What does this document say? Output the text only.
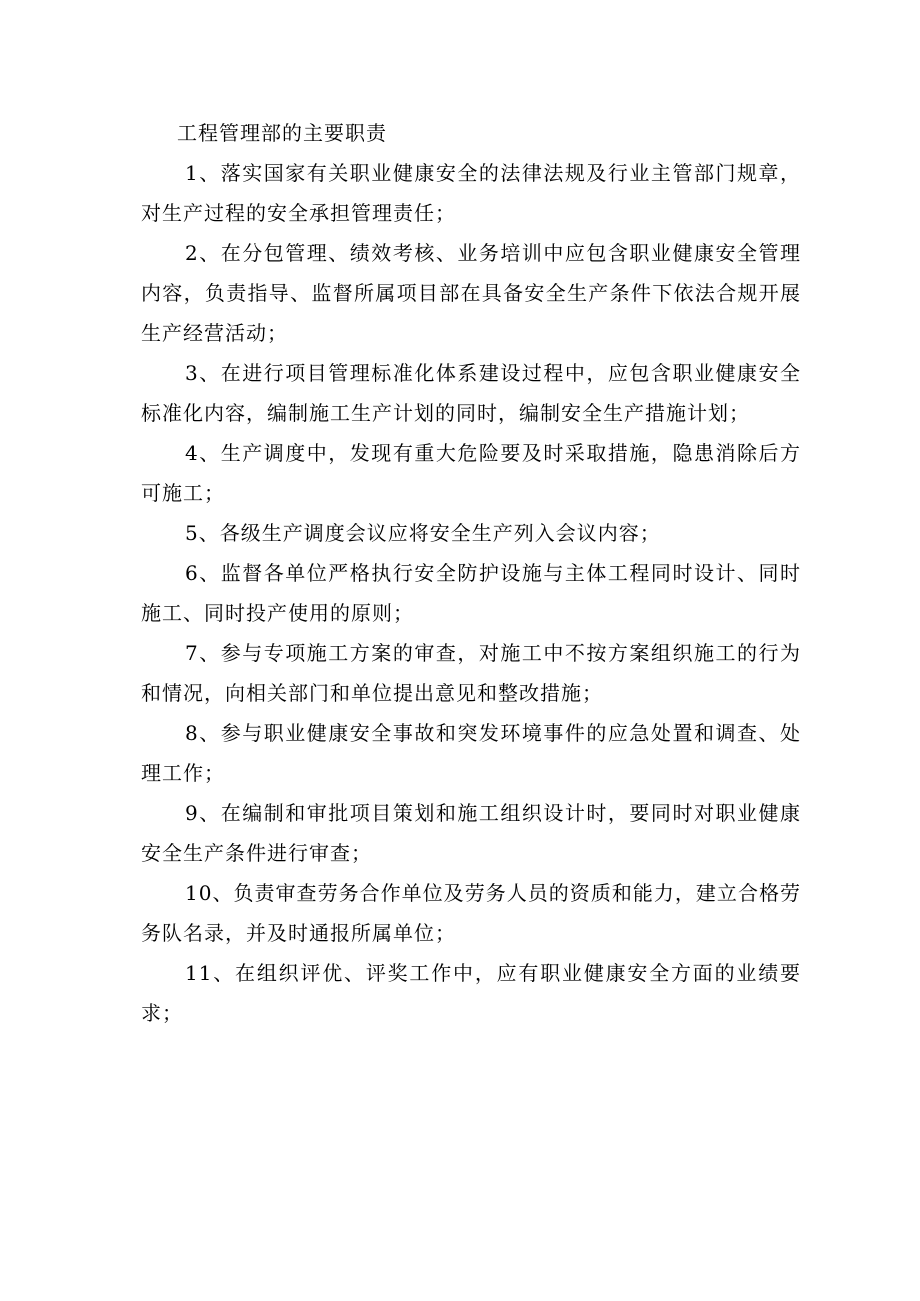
工程管理部的主要职责

1、落实国家有关职业健康安全的法律法规及行业主管部门规章，对生产过程的安全承担管理责任；

2、在分包管理、绩效考核、业务培训中应包含职业健康安全管理内容，负责指导、监督所属项目部在具备安全生产条件下依法合规开展生产经营活动；

3、在进行项目管理标准化体系建设过程中，应包含职业健康安全标准化内容，编制施工生产计划的同时，编制安全生产措施计划；

4、生产调度中，发现有重大危险要及时采取措施，隐患消除后方可施工；

5、各级生产调度会议应将安全生产列入会议内容；

6、监督各单位严格执行安全防护设施与主体工程同时设计、同时施工、同时投产使用的原则；

7、参与专项施工方案的审查，对施工中不按方案组织施工的行为和情况，向相关部门和单位提出意见和整改措施；

8、参与职业健康安全事故和突发环境事件的应急处置和调查、处理工作；

9、在编制和审批项目策划和施工组织设计时，要同时对职业健康安全生产条件进行审查；

10、负责审查劳务合作单位及劳务人员的资质和能力，建立合格劳务队名录，并及时通报所属单位；

11、在组织评优、评奖工作中，应有职业健康安全方面的业绩要求；
